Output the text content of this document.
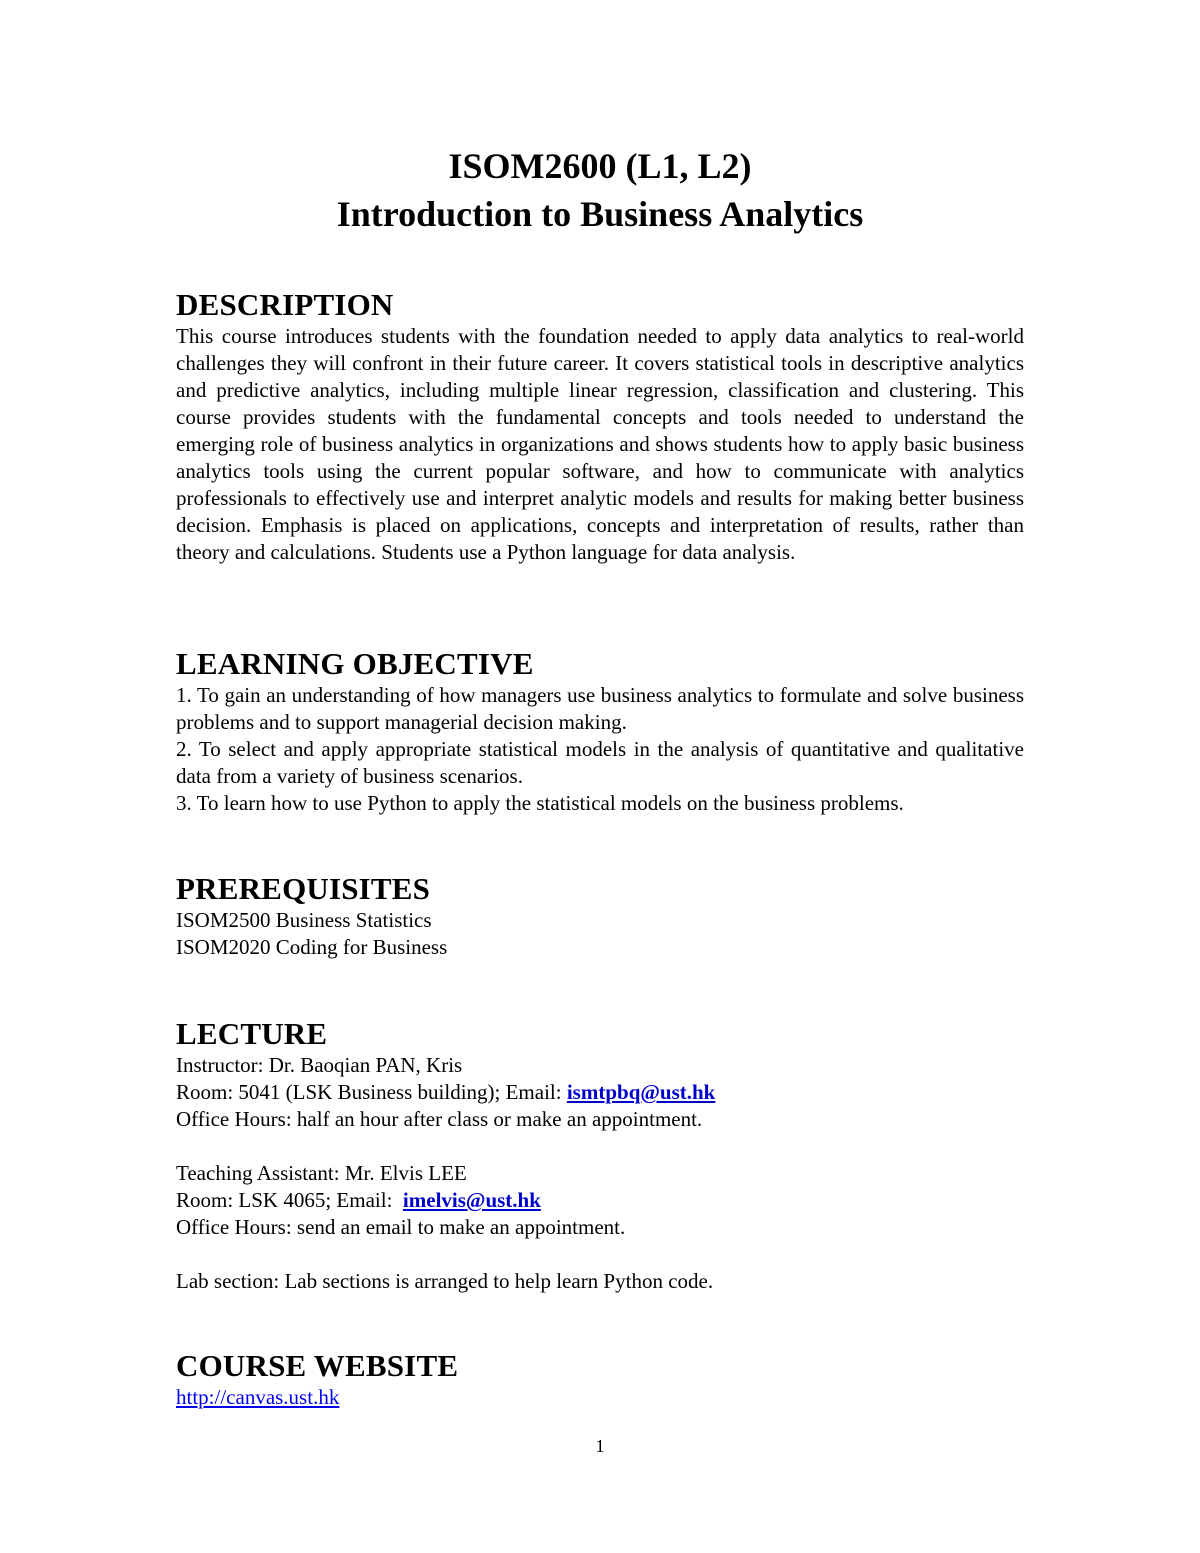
ISOM2600 (L1, L2)
Introduction to Business Analytics
DESCRIPTION

This course introduces students with the foundation needed to apply data analytics to real-world challenges they will confront in their future career. It covers statistical tools in descriptive analytics and predictive analytics, including multiple linear regression, classification and clustering. This course provides students with the fundamental concepts and tools needed to understand the emerging role of business analytics in organizations and shows students how to apply basic business analytics tools using the current popular software, and how to communicate with analytics professionals to effectively use and interpret analytic models and results for making better business decision. Emphasis is placed on applications, concepts and interpretation of results, rather than theory and calculations. Students use a Python language for data analysis.

LEARNING OBJECTIVE

1. To gain an understanding of how managers use business analytics to formulate and solve business problems and to support managerial decision making.

2. To select and apply appropriate statistical models in the analysis of quantitative and qualitative data from a variety of business scenarios.

3. To learn how to use Python to apply the statistical models on the business problems.

PREREQUISITES
ISOM2500 Business Statistics
ISOM2020 Coding for Business
LECTURE
Instructor: Dr. Baoqian PAN, Kris
Room: 5041 (LSK Business building); Email: ismtpbq@ust.hk
Office Hours: half an hour after class or make an appointment.
Teaching Assistant: Mr. Elvis LEE
Room: LSK 4065; Email:  imelvis@ust.hk
Office Hours: send an email to make an appointment.
Lab section: Lab sections is arranged to help learn Python code.
COURSE WEBSITE
http://canvas.ust.hk
1
